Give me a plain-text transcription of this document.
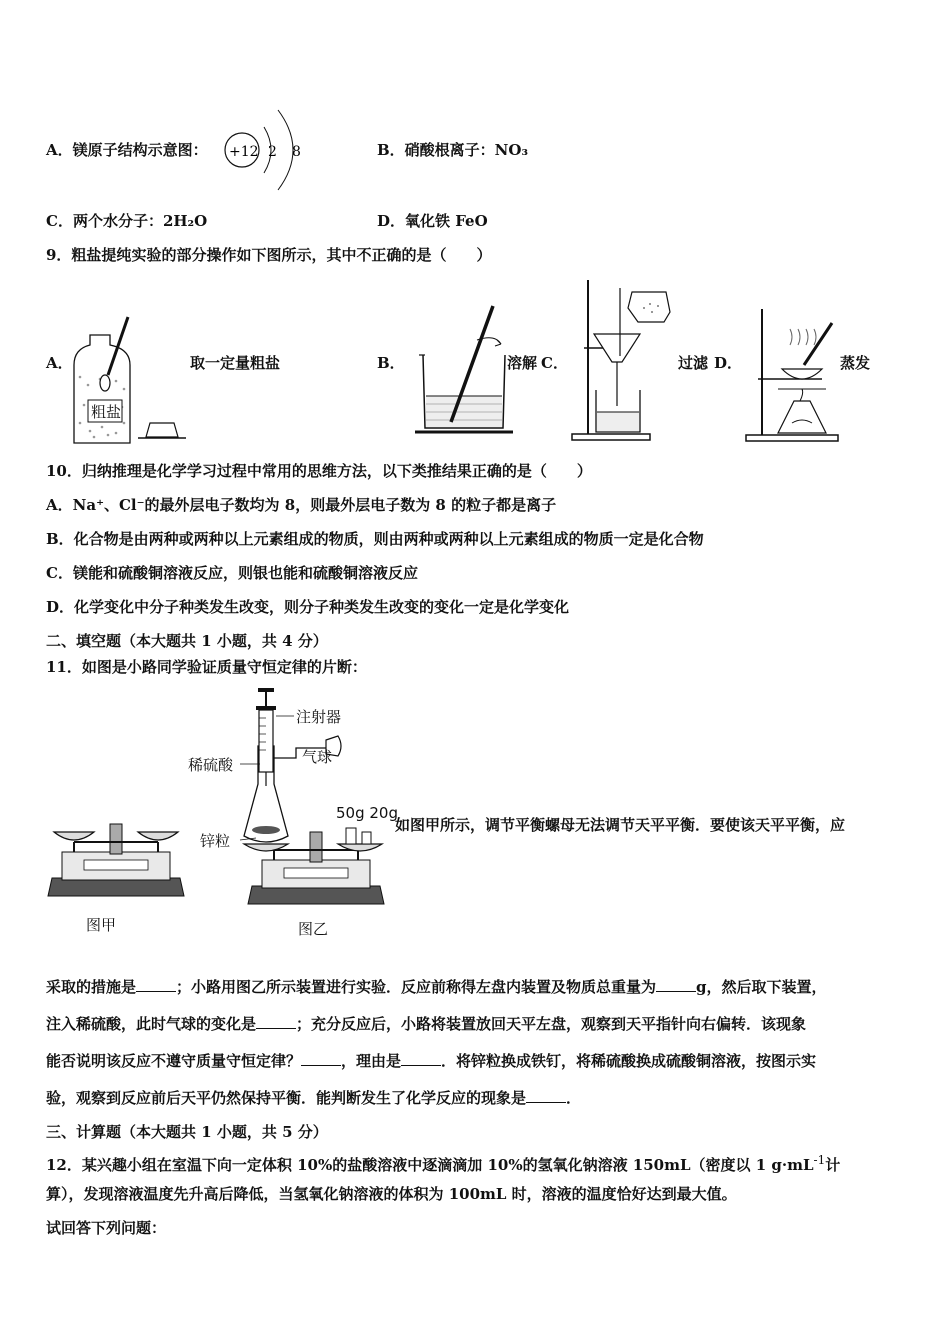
A．镁原子结构示意图： +12 2 8	B．硝酸根离子：NO₃
C．两个水分子：2H₂O	D．氧化铁 FeO
9．粗盐提纯实验的部分操作如下图所示，其中不正确的是（　　）
A．
粗盐
取一定量粗盐	B．	溶解 C．	过滤 D．	蒸发
10．归纳推理是化学学习过程中常用的思维方法，以下类推结果正确的是（　　）
A．Na⁺、Cl⁻的最外层电子数均为 8，则最外层电子数为 8 的粒子都是离子
B．化合物是由两种或两种以上元素组成的物质，则由两种或两种以上元素组成的物质一定是化合物
C．镁能和硫酸铜溶液反应，则银也能和硫酸铜溶液反应
D．化学变化中分子种类发生改变，则分子种类发生改变的变化一定是化学变化
二、填空题（本大题共 1 小题，共 4 分）
11．如图是小路同学验证质量守恒定律的片断：
图甲
注射器
稀硫酸	气球
50g 20g
锌粒
图乙
如图甲所示，调节平衡螺母无法调节天平平衡．要使该天平平衡，应
采取的措施是	；小路用图乙所示装置进行实验．反应前称得左盘内装置及物质总重量为	g，然后取下装置，
注入稀硫酸，此时气球的变化是	；充分反应后，小路将装置放回天平左盘，观察到天平指针向右偏转．该现象
能否说明该反应不遵守质量守恒定律？	，理由是	．将锌粒换成铁钉，将稀硫酸换成硫酸铜溶液，按图示实
验，观察到反应前后天平仍然保持平衡．能判断发生了化学反应的现象是	．
三、计算题（本大题共 1 小题，共 5 分）
12．某兴趣小组在室温下向一定体积 10%的盐酸溶液中逐滴滴加 10%的氢氧化钠溶液 150mL（密度以 1 $g\cdot mL^{-1}$计
算），发现溶液温度先升高后降低，当氢氧化钠溶液的体积为 100mL 时，溶液的温度恰好达到最大值。
试回答下列问题：
